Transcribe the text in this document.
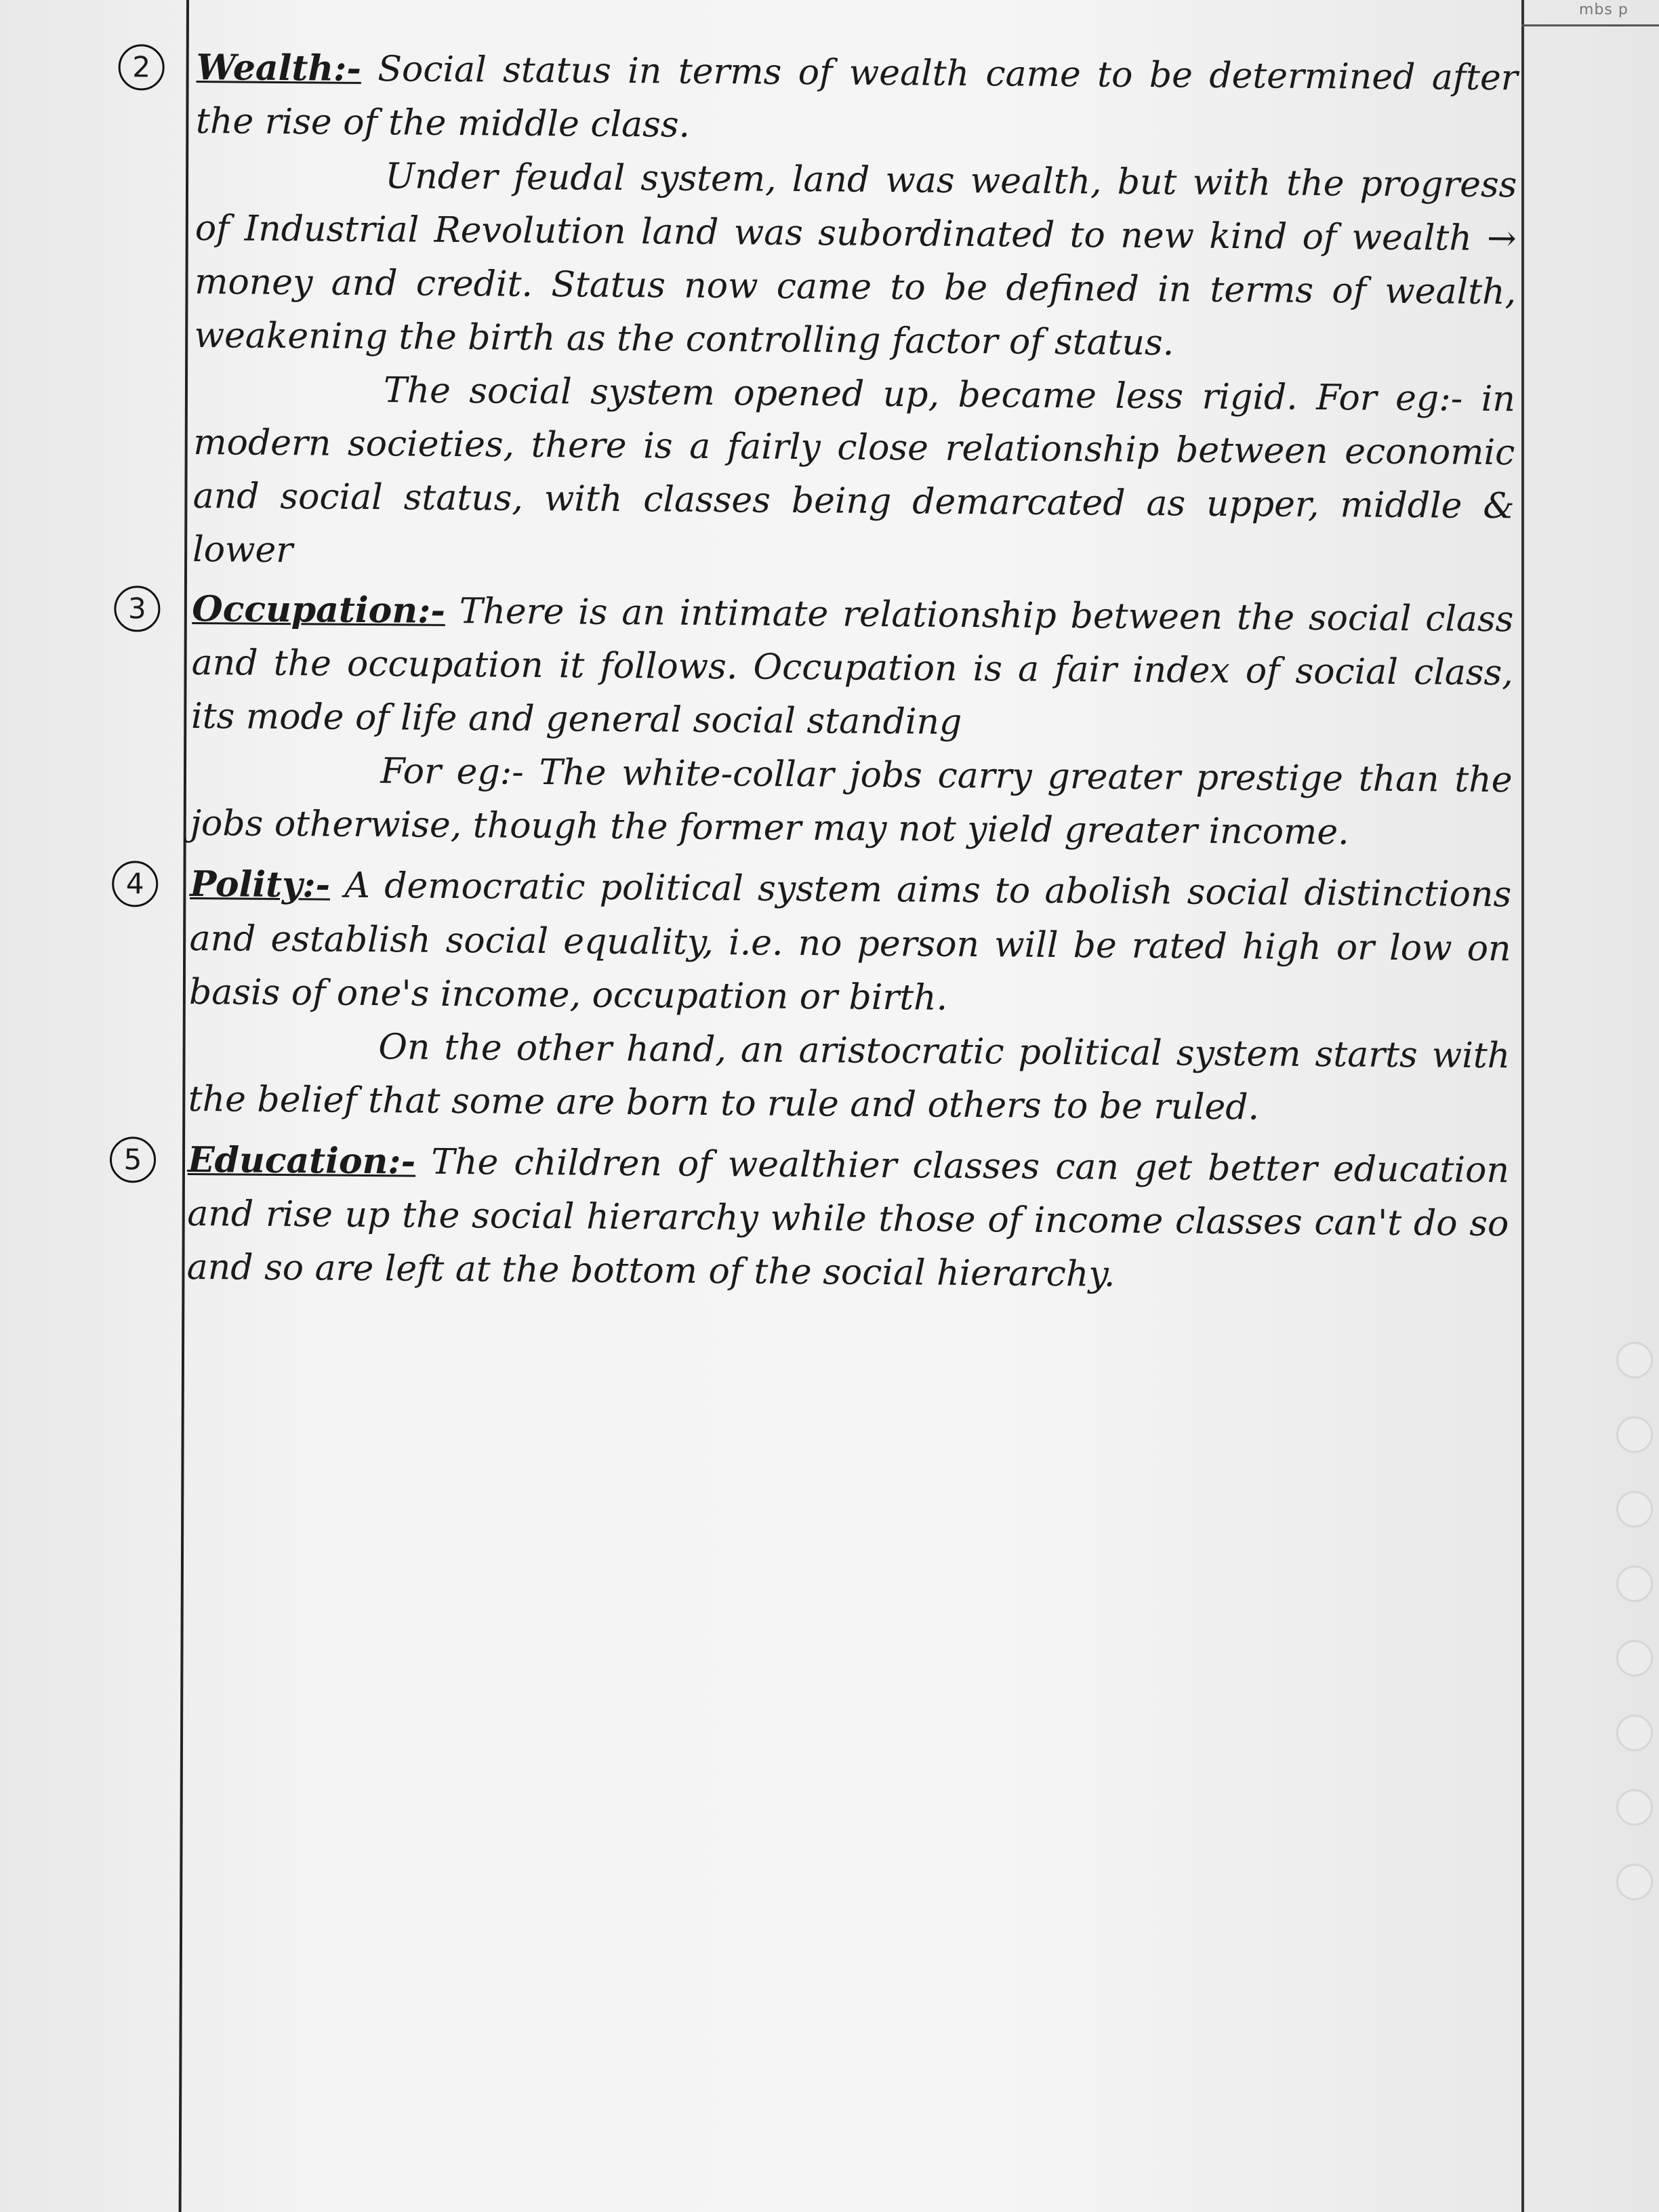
mbs p
2	Wealth:- Social status in terms of wealth came to be determined after the rise of the middle class.

Under feudal system, land was wealth, but with the progress of Industrial Revolution land was subordinated to new kind of wealth → money and credit. Status now came to be defined in terms of wealth, weakening the birth as the controlling factor of status.

The social system opened up, became less rigid. For eg:- in modern societies, there is a fairly close relationship between economic and social status, with classes being demarcated as upper, middle & lower

3	Occupation:- There is an intimate relationship between the social class and the occupation it follows. Occupation is a fair index of social class, its mode of life and general social standing

For eg:- The white-collar jobs carry greater prestige than the jobs otherwise, though the former may not yield greater income.

4	Polity:- A democratic political system aims to abolish social distinctions and establish social equality, i.e. no person will be rated high or low on basis of one's income, occupation or birth.

On the other hand, an aristocratic political system starts with the belief that some are born to rule and others to be ruled.

5	Education:- The children of wealthier classes can get better education and rise up the social hierarchy while those of income classes can't do so and so are left at the bottom of the social hierarchy.
